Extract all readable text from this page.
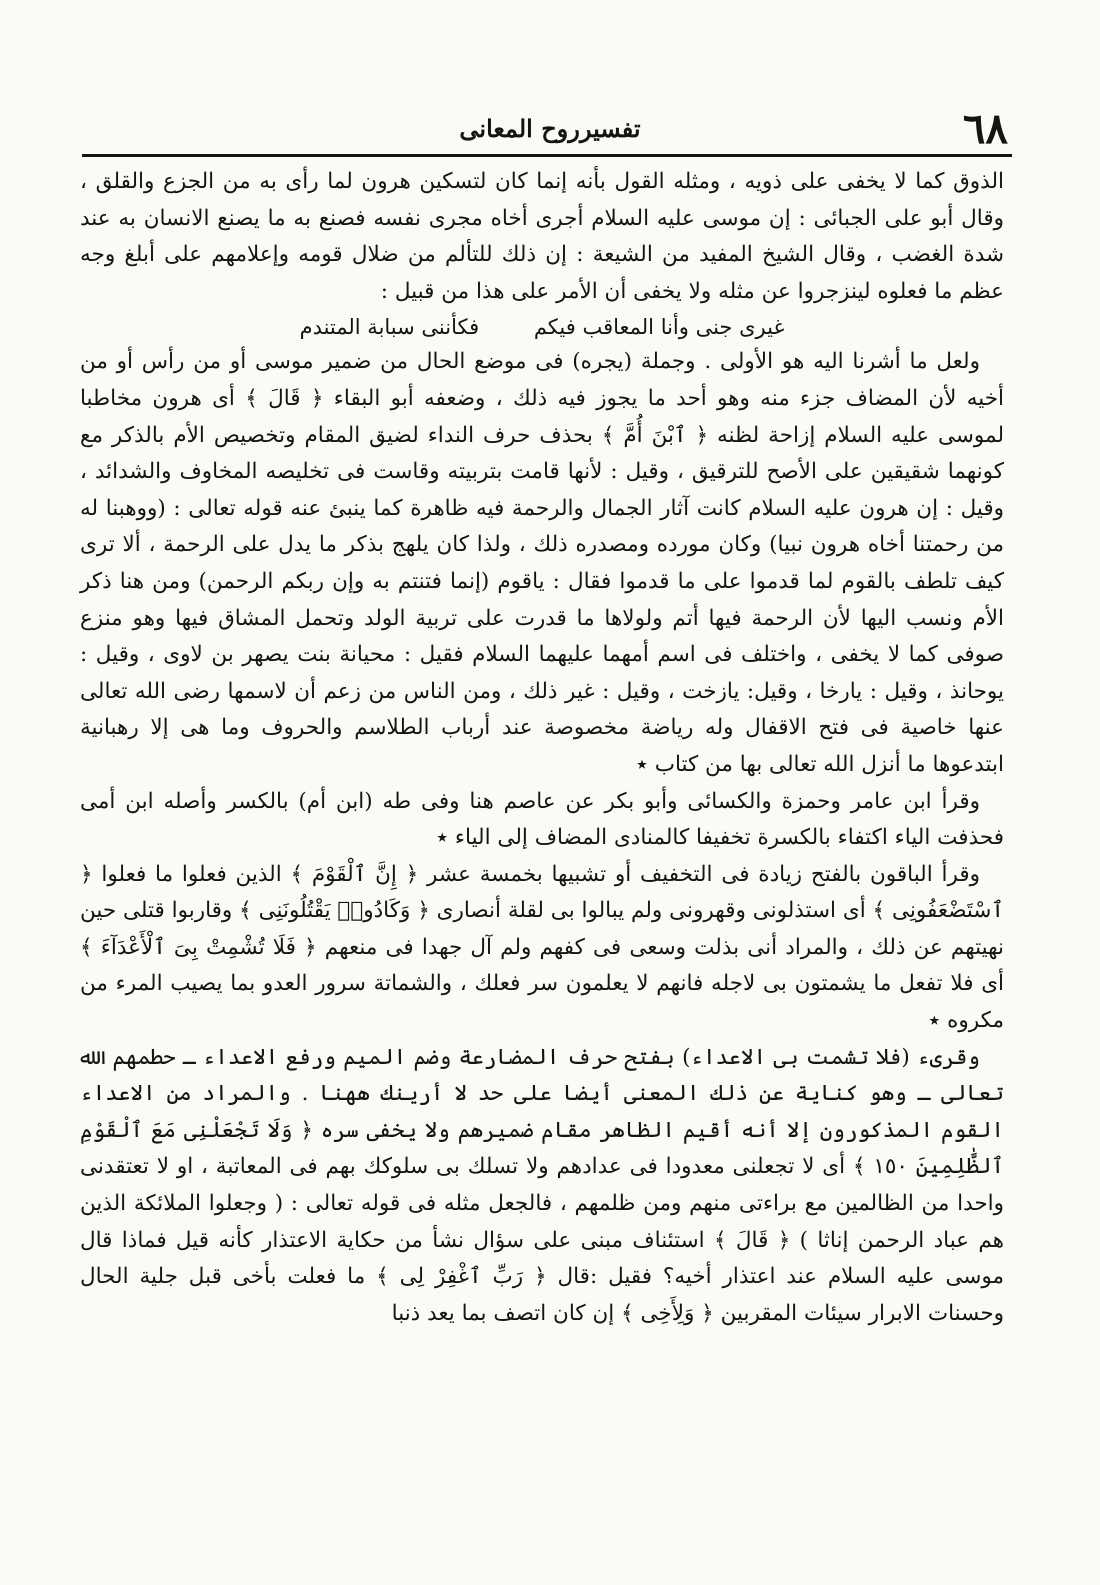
٦٨
تفسيرروح المعانى

الذوق كما لا يخفى على ذويه ، ومثله القول بأنه إنما كان لتسكين هرون لما رأى به من الجزع والقلق ، وقال أبو على الجبائى : إن موسى عليه السلام أجرى أخاه مجرى نفسه فصنع به ما يصنع الانسان به عند شدة الغضب ، وقال الشيخ المفيد من الشيعة : إن ذلك للتألم من ضلال قومه وإعلامهم على أبلغ وجه عظم ما فعلوه لينزجروا عن مثله ولا يخفى أن الأمر على هذا من قبيل :

غيرى جنى وأنا المعاقب فيكم فكأننى سبابة المتندم

ولعل ما أشرنا اليه هو الأولى . وجملة (يجره) فى موضع الحال من ضمير موسى أو من رأس أو من أخيه لأن المضاف جزء منه وهو أحد ما يجوز فيه ذلك ، وضعفه أبو البقاء ﴿ قَالَ ﴾ أى هرون مخاطبا لموسى عليه السلام إزاحة لظنه ﴿ ٱبْنَ أُمَّ ﴾ بحذف حرف النداء لضيق المقام وتخصيص الأم بالذكر مع كونهما شقيقين على الأصح للترقيق ، وقيل : لأنها قامت بتربيته وقاست فى تخليصه المخاوف والشدائد ، وقيل : إن هرون عليه السلام كانت آثار الجمال والرحمة فيه ظاهرة كما ينبئ عنه قوله تعالى : (ووهبنا له من رحمتنا أخاه هرون نبيا) وكان مورده ومصدره ذلك ، ولذا كان يلهج بذكر ما يدل على الرحمة ، ألا ترى كيف تلطف بالقوم لما قدموا على ما قدموا فقال : ياقوم (إنما فتنتم به وإن ربكم الرحمن) ومن هنا ذكر الأم ونسب اليها لأن الرحمة فيها أتم ولولاها ما قدرت على تربية الولد وتحمل المشاق فيها وهو منزع صوفى كما لا يخفى ، واختلف فى اسم أمهما عليهما السلام فقيل : محيانة بنت يصهر بن لاوى ، وقيل : يوحانذ ، وقيل : يارخا ، وقيل: يازخت ، وقيل : غير ذلك ، ومن الناس من زعم أن لاسمها رضى الله تعالى عنها خاصية فى فتح الاقفال وله رياضة مخصوصة عند أرباب الطلاسم والحروف وما هى إلا رهبانية ابتدعوها ما أنزل الله تعالى بها من كتاب ٭

وقرأ ابن عامر وحمزة والكسائى وأبو بكر عن عاصم هنا وفى طه (ابن أم) بالكسر وأصله ابن أمى فحذفت الياء اكتفاء بالكسرة تخفيفا كالمنادى المضاف إلى الياء ٭

وقرأ الباقون بالفتح زيادة فى التخفيف أو تشبيها بخمسة عشر ﴿ إِنَّ ٱلْقَوْمَ ﴾ الذين فعلوا ما فعلوا ﴿ ٱسْتَضْعَفُونِى ﴾ أى استذلونى وقهرونى ولم يبالوا بى لقلة أنصارى ﴿ وَكَادُوا۟ يَقْتُلُونَنِى ﴾ وقاربوا قتلى حين نهيتهم عن ذلك ، والمراد أنى بذلت وسعى فى كفهم ولم آل جهدا فى منعهم ﴿ فَلَا تُشْمِتْ بِىَ ٱلْأَعْدَآءَ ﴾ أى فلا تفعل ما يشمتون بى لاجله فانهم لا يعلمون سر فعلك ، والشماتة سرور العدو بما يصيب المرء من مكروه ٭

وقرىء (فلا تشمت بى الاعداء) بفتح حرف المضارعة وضم الميم ورفع الاعداء ـ حطمهم الله تعالى ـ وهو كناية عن ذلك المعنى أيضا على حد لا أرينك ههنا . والمراد من الاعداء القوم المذكورون إلا أنه أقيم الظاهر مقام ضميرهم ولا يخفى سره ﴿ وَلَا تَجْعَلْنِى مَعَ ٱلْقَوْمِ ٱلظَّٰلِمِينَ ١٥٠ ﴾ أى لا تجعلنى معدودا فى عدادهم ولا تسلك بى سلوكك بهم فى المعاتبة ، او لا تعتقدنى واحدا من الظالمين مع براءتى منهم ومن ظلمهم ، فالجعل مثله فى قوله تعالى : ( وجعلوا الملائكة الذين هم عباد الرحمن إناثا ) ﴿ قَالَ ﴾ استئناف مبنى على سؤال نشأ من حكاية الاعتذار كأنه قيل فماذا قال موسى عليه السلام عند اعتذار أخيه؟ فقيل :قال ﴿ رَبِّ ٱغْفِرْ لِى ﴾ ما فعلت بأخى قبل جلية الحال وحسنات الابرار سيئات المقربين ﴿ وَلِأَخِى ﴾ إن كان اتصف بما يعد ذنبا
